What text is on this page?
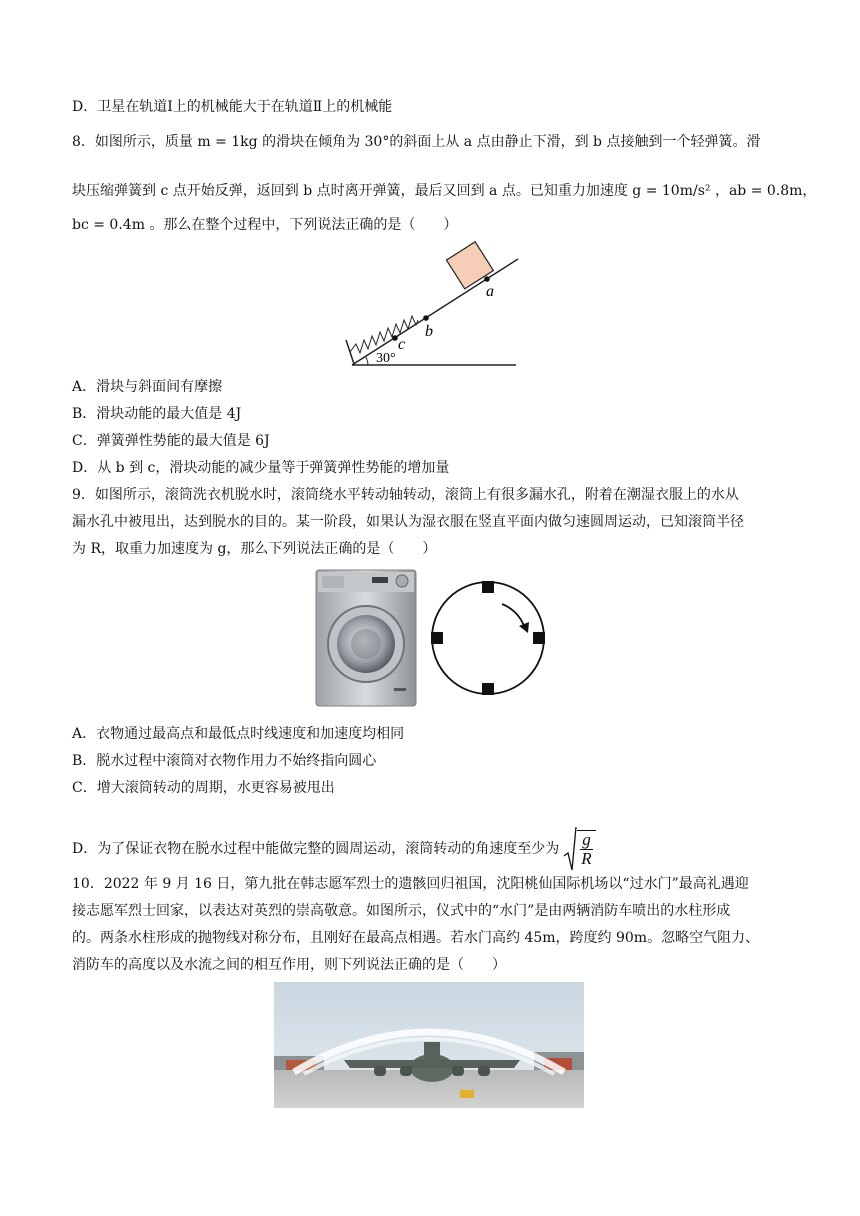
D．卫星在轨道Ⅰ上的机械能大于在轨道Ⅱ上的机械能
8．如图所示，质量 m = 1kg 的滑块在倾角为 30°的斜面上从 a 点由静止下滑，到 b 点接触到一个轻弹簧。滑
块压缩弹簧到 c 点开始反弹，返回到 b 点时离开弹簧，最后又回到 a 点。已知重力加速度 g = 10m/s² ，ab = 0.8m，
bc = 0.4m 。那么在整个过程中，下列说法正确的是（　　）
a
b
c
30°
A．滑块与斜面间有摩擦
B．滑块动能的最大值是 4J
C．弹簧弹性势能的最大值是 6J
D．从 b 到 c，滑块动能的减少量等于弹簧弹性势能的增加量
9．如图所示，滚筒洗衣机脱水时，滚筒绕水平转动轴转动，滚筒上有很多漏水孔，附着在潮湿衣服上的水从
漏水孔中被甩出，达到脱水的目的。某一阶段，如果认为湿衣服在竖直平面内做匀速圆周运动，已知滚筒半径
为 R，取重力加速度为 g，那么下列说法正确的是（　　）
A．衣物通过最高点和最低点时线速度和加速度均相同
B．脱水过程中滚筒对衣物作用力不始终指向圆心
C．增大滚筒转动的周期，水更容易被甩出
D．为了保证衣物在脱水过程中能做完整的圆周运动，滚筒转动的角速度至少为 $\frac{g}{R}$
10．2022 年 9 月 16 日，第九批在韩志愿军烈士的遗骸回归祖国，沈阳桃仙国际机场以“过水门”最高礼遇迎
接志愿军烈士回家，以表达对英烈的崇高敬意。如图所示，仪式中的“水门”是由两辆消防车喷出的水柱形成
的。两条水柱形成的抛物线对称分布，且刚好在最高点相遇。若水门高约 45m，跨度约 90m。忽略空气阻力、
消防车的高度以及水流之间的相互作用，则下列说法正确的是（　　）
